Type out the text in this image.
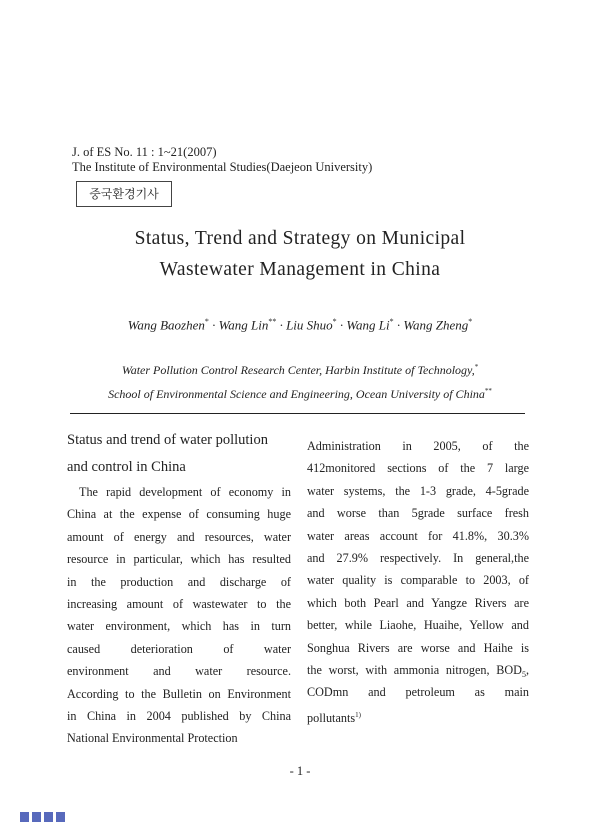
J. of ES No. 11 : 1~21(2007)
The Institute of Environmental Studies(Daejeon University)
중국환경기사
Status, Trend and Strategy on Municipal
Wastewater Management in China
Wang Baozhen* · Wang Lin** · Liu Shuo* · Wang Li* · Wang Zheng*
Water Pollution Control Research Center, Harbin Institute of Technology,*
School of Environmental Science and Engineering, Ocean University of China**
Status and trend of water pollution
and control in China
The rapid development of economy in
China at the expense of consuming huge
amount of energy and resources, water
resource in particular, which has resulted
in the production and discharge of
increasing amount of wastewater to the
water environment, which has in turn
caused deterioration of water
environment and water resource.
According to the Bulletin on Environment
in China in 2004 published by China
National Environmental Protection
Administration in 2005, of the
412monitored sections of the 7 large
water systems, the 1-3 grade, 4-5grade
and worse than 5grade surface fresh
water areas account for 41.8%, 30.3%
and 27.9% respectively. In general,the
water quality is comparable to 2003, of
which both Pearl and Yangze Rivers are
better, while Liaohe, Huaihe, Yellow and
Songhua Rivers are worse and Haihe is
the worst, with ammonia nitrogen, $BOD_5$,
CODmn and petroleum as main
pollutants$^{1)}$
- 1 -
